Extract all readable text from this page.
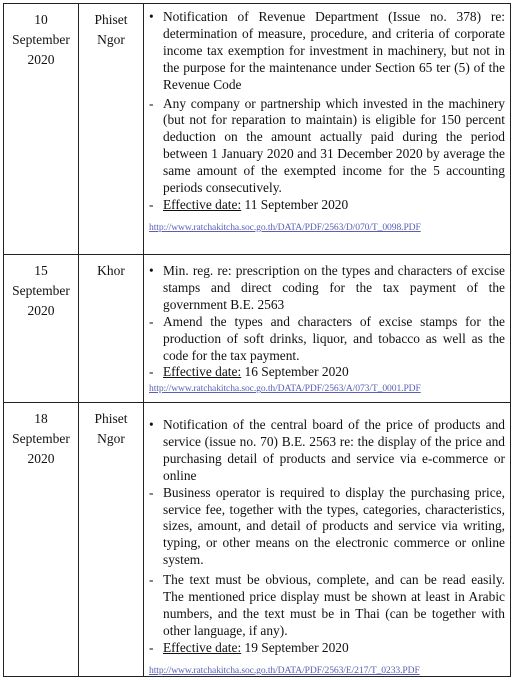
10
September
2020
Phiset
Ngor
• Notification of Revenue Department (Issue no. 378) re: determination of measure, procedure, and criteria of corporate income tax exemption for investment in machinery, but not in the purpose for the maintenance under Section 65 ter (5) of the Revenue Code
- Any company or partnership which invested in the machinery (but not for reparation to maintain) is eligible for 150 percent deduction on the amount actually paid during the period between 1 January 2020 and 31 December 2020 by average the same amount of the exempted income for the 5 accounting periods consecutively.
- Effective date: 11 September 2020
http://www.ratchakitcha.soc.go.th/DATA/PDF/2563/D/070/T_0098.PDF
15
September
2020
Khor	• Min. reg. re: prescription on the types and characters of excise stamps and direct coding for the tax payment of the government B.E. 2563
- Amend the types and characters of excise stamps for the production of soft drinks, liquor, and tobacco as well as the code for the tax payment.
- Effective date: 16 September 2020
http://www.ratchakitcha.soc.go.th/DATA/PDF/2563/A/073/T_0001.PDF
18
September
2020
Phiset
Ngor
• Notification of the central board of the price of products and service (issue no. 70) B.E. 2563 re: the display of the price and purchasing detail of products and service via e-commerce or online
- Business operator is required to display the purchasing price, service fee, together with the types, categories, characteristics, sizes, amount, and detail of products and service via writing, typing, or other means on the electronic commerce or online system.
- The text must be obvious, complete, and can be read easily. The mentioned price display must be shown at least in Arabic numbers, and the text must be in Thai (can be together with other language, if any).
- Effective date: 19 September 2020
http://www.ratchakitcha.soc.go.th/DATA/PDF/2563/E/217/T_0233.PDF
